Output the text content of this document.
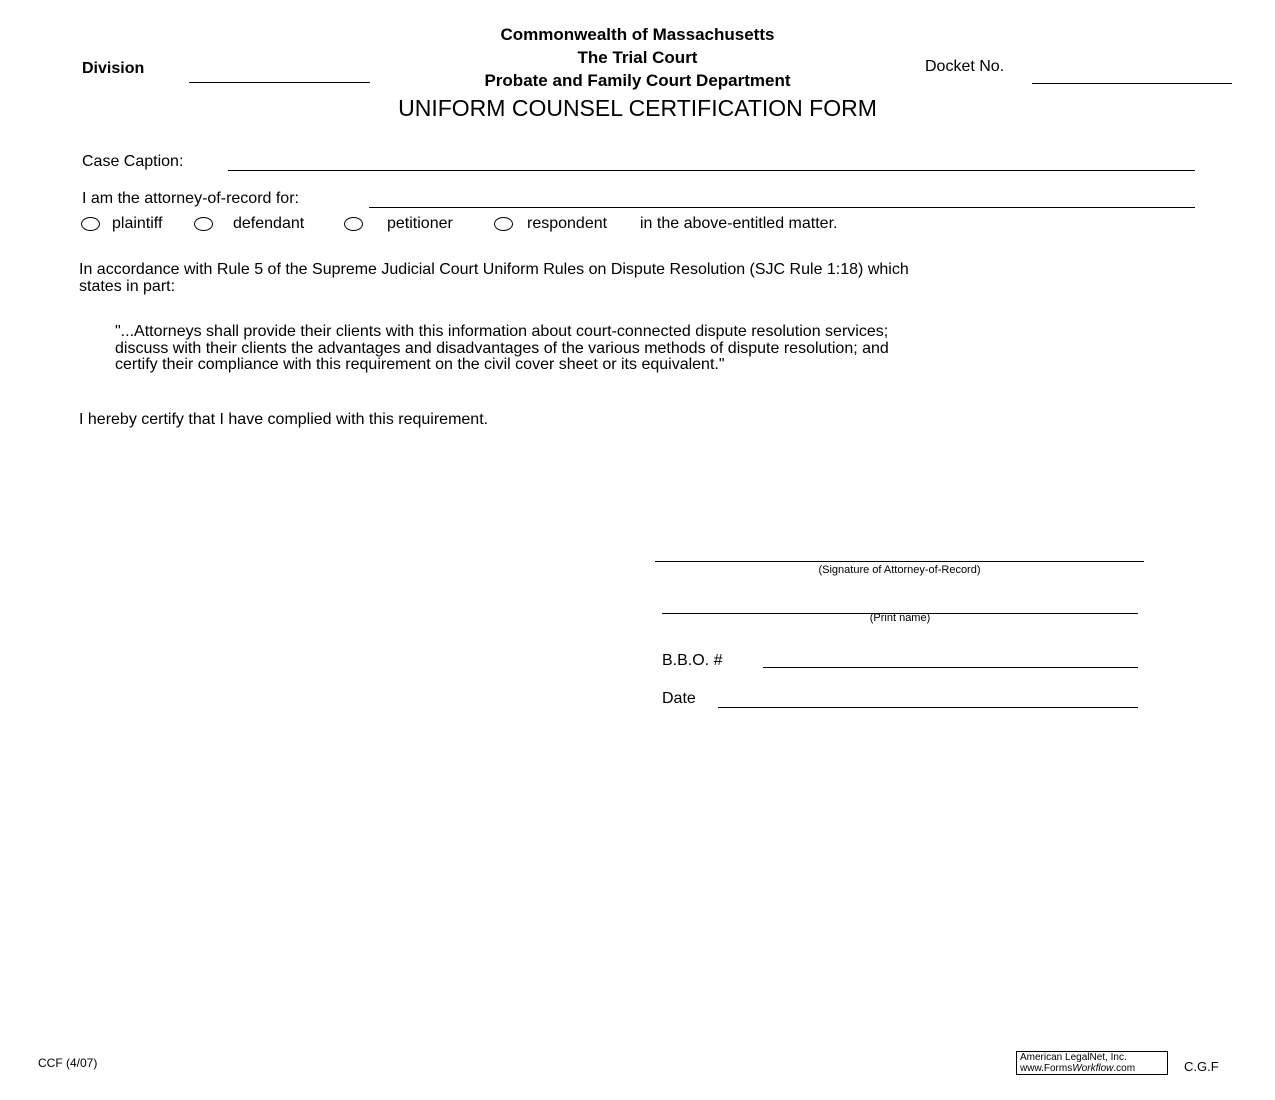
Commonwealth of Massachusetts
The Trial Court
Probate and Family Court Department
Division	Docket No.
UNIFORM COUNSEL CERTIFICATION FORM
Case Caption:
I am the attorney-of-record for:
plaintiff	defendant	petitioner	respondent in the above-entitled matter.
In accordance with Rule 5 of the Supreme Judicial Court Uniform Rules on Dispute Resolution (SJC Rule 1:18) which
states in part:
"...Attorneys shall provide their clients with this information about court-connected dispute resolution services;
discuss with their clients the advantages and disadvantages of the various methods of dispute resolution; and
certify their compliance with this requirement on the civil cover sheet or its equivalent."
I hereby certify that I have complied with this requirement.
(Signature of Attorney-of-Record)
(Print name)
B.B.O. #
Date
CCF (4/07)	American LegalNet, Inc.
www.FormsWorkflow.com	C.G.F
